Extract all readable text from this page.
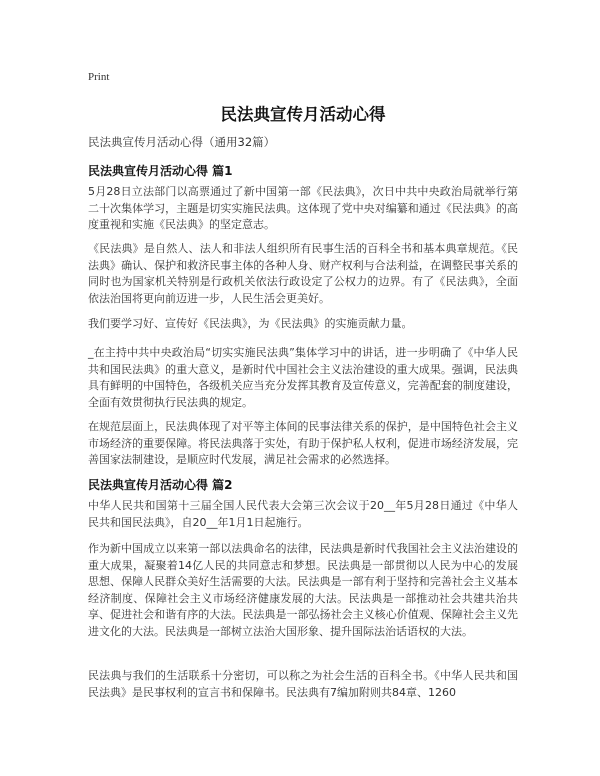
Print
民法典宣传月活动心得
民法典宣传月活动心得（通用32篇）
民法典宣传月活动心得 篇1
5月28日立法部门以高票通过了新中国第一部《民法典》，次日中共中央政治局就举行第二十次集体学习，主题是切实实施民法典。这体现了党中央对编纂和通过《民法典》的高度重视和实施《民法典》的坚定意志。
《民法典》是自然人、法人和非法人组织所有民事生活的百科全书和基本典章规范。《民法典》确认、保护和救济民事主体的各种人身、财产权利与合法利益，在调整民事关系的同时也为国家机关特别是行政机关依法行政设定了公权力的边界。有了《民法典》，全面依法治国将更向前迈进一步，人民生活会更美好。
我们要学习好、宣传好《民法典》，为《民法典》的实施贡献力量。
_在主持中共中央政治局“切实实施民法典”集体学习中的讲话，进一步明确了《中华人民共和国民法典》的重大意义，是新时代中国社会主义法治建设的重大成果。强调，民法典具有鲜明的中国特色，各级机关应当充分发挥其教育及宣传意义，完善配套的制度建设，全面有效贯彻执行民法典的规定。
在规范层面上，民法典体现了对平等主体间的民事法律关系的保护，是中国特色社会主义市场经济的重要保障。将民法典落于实处，有助于保护私人权利，促进市场经济发展，完善国家法制建设，是顺应时代发展，满足社会需求的必然选择。
民法典宣传月活动心得 篇2
中华人民共和国第十三届全国人民代表大会第三次会议于20__年5月28日通过《中华人民共和国民法典》，自20__年1月1日起施行。
作为新中国成立以来第一部以法典命名的法律，民法典是新时代我国社会主义法治建设的重大成果，凝聚着14亿人民的共同意志和梦想。民法典是一部贯彻以人民为中心的发展思想、保障人民群众美好生活需要的大法。民法典是一部有利于坚持和完善社会主义基本经济制度、保障社会主义市场经济健康发展的大法。民法典是一部推动社会共建共治共享、促进社会和谐有序的大法。民法典是一部弘扬社会主义核心价值观、保障社会主义先进文化的大法。民法典是一部树立法治大国形象、提升国际法治话语权的大法。
民法典与我们的生活联系十分密切，可以称之为社会生活的百科全书。《中华人民共和国民法典》是民事权利的宣言书和保障书。民法典有7编加附则共84章、1260
